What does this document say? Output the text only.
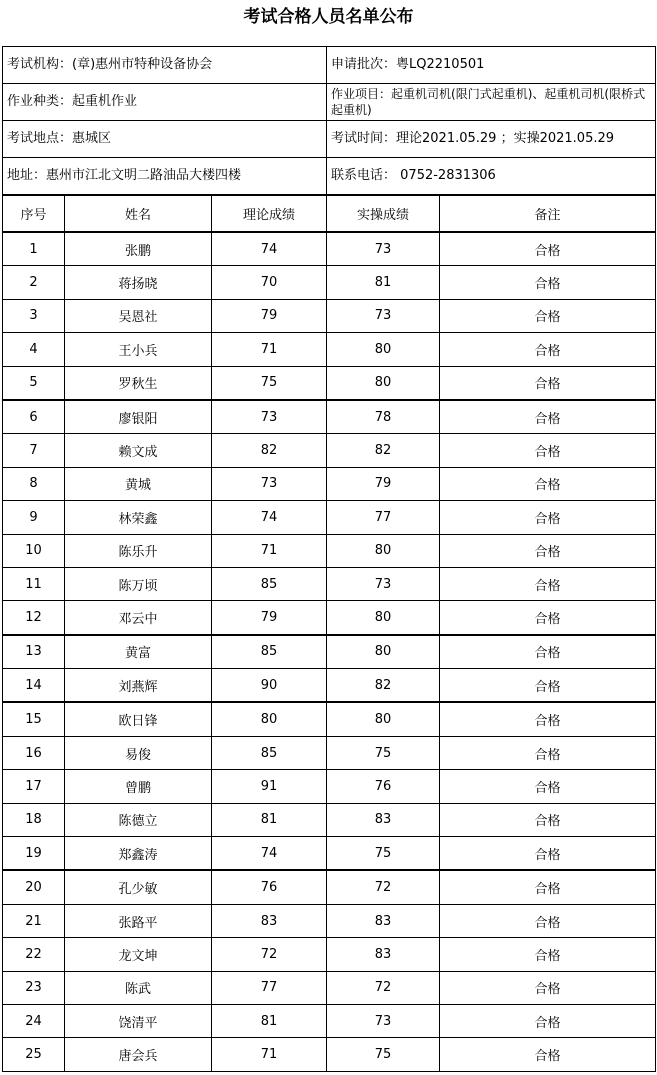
考试合格人员名单公布
考试机构：(章)惠州市特种设备协会			申请批次：粤LQ2210501	
作业种类：起重机作业			作业项目：起重机司机(限门式起重机)、起重机司机(限桥式起重机)	
考试地点：惠城区			考试时间：理论2021.05.29 ；实操2021.05.29	
地址：惠州市江北文明二路油品大楼四楼			联系电话： 0752-2831306	
序号	姓名	理论成绩	实操成绩	备注
1	张鹏	74	73	合格
2	蒋扬晓	70	81	合格
3	吴恩社	79	73	合格
4	王小兵	71	80	合格
5	罗秋生	75	80	合格
6	廖银阳	73	78	合格
7	赖文成	82	82	合格
8	黄城	73	79	合格
9	林荣鑫	74	77	合格
10	陈乐升	71	80	合格
11	陈万顷	85	73	合格
12	邓云中	79	80	合格
13	黄富	85	80	合格
14	刘燕辉	90	82	合格
15	欧日锋	80	80	合格
16	易俊	85	75	合格
17	曾鹏	91	76	合格
18	陈德立	81	83	合格
19	郑鑫涛	74	75	合格
20	孔少敏	76	72	合格
21	张路平	83	83	合格
22	龙文坤	72	83	合格
23	陈武	77	72	合格
24	饶清平	81	73	合格
25	唐会兵	71	75	合格
